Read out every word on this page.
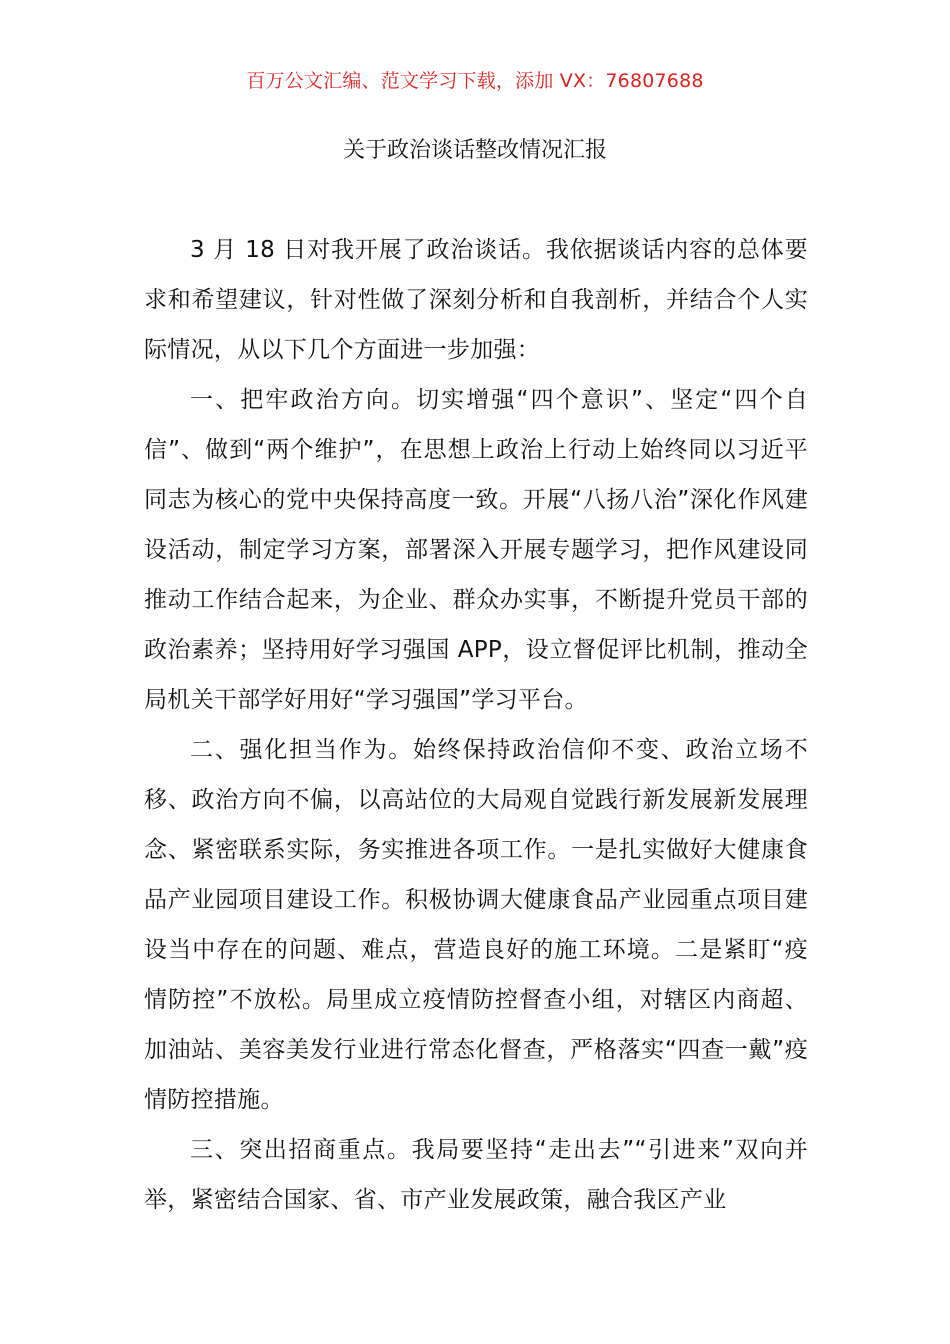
百万公文汇编、范文学习下载，添加 VX：76807688
关于政治谈话整改情况汇报

3 月 18 日对我开展了政治谈话。我依据谈话内容的总体要求和希望建议，针对性做了深刻分析和自我剖析，并结合个人实际情况，从以下几个方面进一步加强：

一、把牢政治方向。切实增强“四个意识”、坚定“四个自信”、做到“两个维护”，在思想上政治上行动上始终同以习近平同志为核心的党中央保持高度一致。开展“八扬八治”深化作风建设活动，制定学习方案，部署深入开展专题学习，把作风建设同推动工作结合起来，为企业、群众办实事，不断提升党员干部的政治素养；坚持用好学习强国 APP，设立督促评比机制，推动全局机关干部学好用好“学习强国”学习平台。

二、强化担当作为。始终保持政治信仰不变、政治立场不移、政治方向不偏，以高站位的大局观自觉践行新发展新发展理念、紧密联系实际，务实推进各项工作。一是扎实做好大健康食品产业园项目建设工作。积极协调大健康食品产业园重点项目建设当中存在的问题、难点，营造良好的施工环境。二是紧盯“疫情防控”不放松。局里成立疫情防控督查小组，对辖区内商超、加油站、美容美发行业进行常态化督查，严格落实“四查一戴”疫情防控措施。

三、突出招商重点。我局要坚持“走出去”“引进来”双向并举，紧密结合国家、省、市产业发展政策，融合我区产业
